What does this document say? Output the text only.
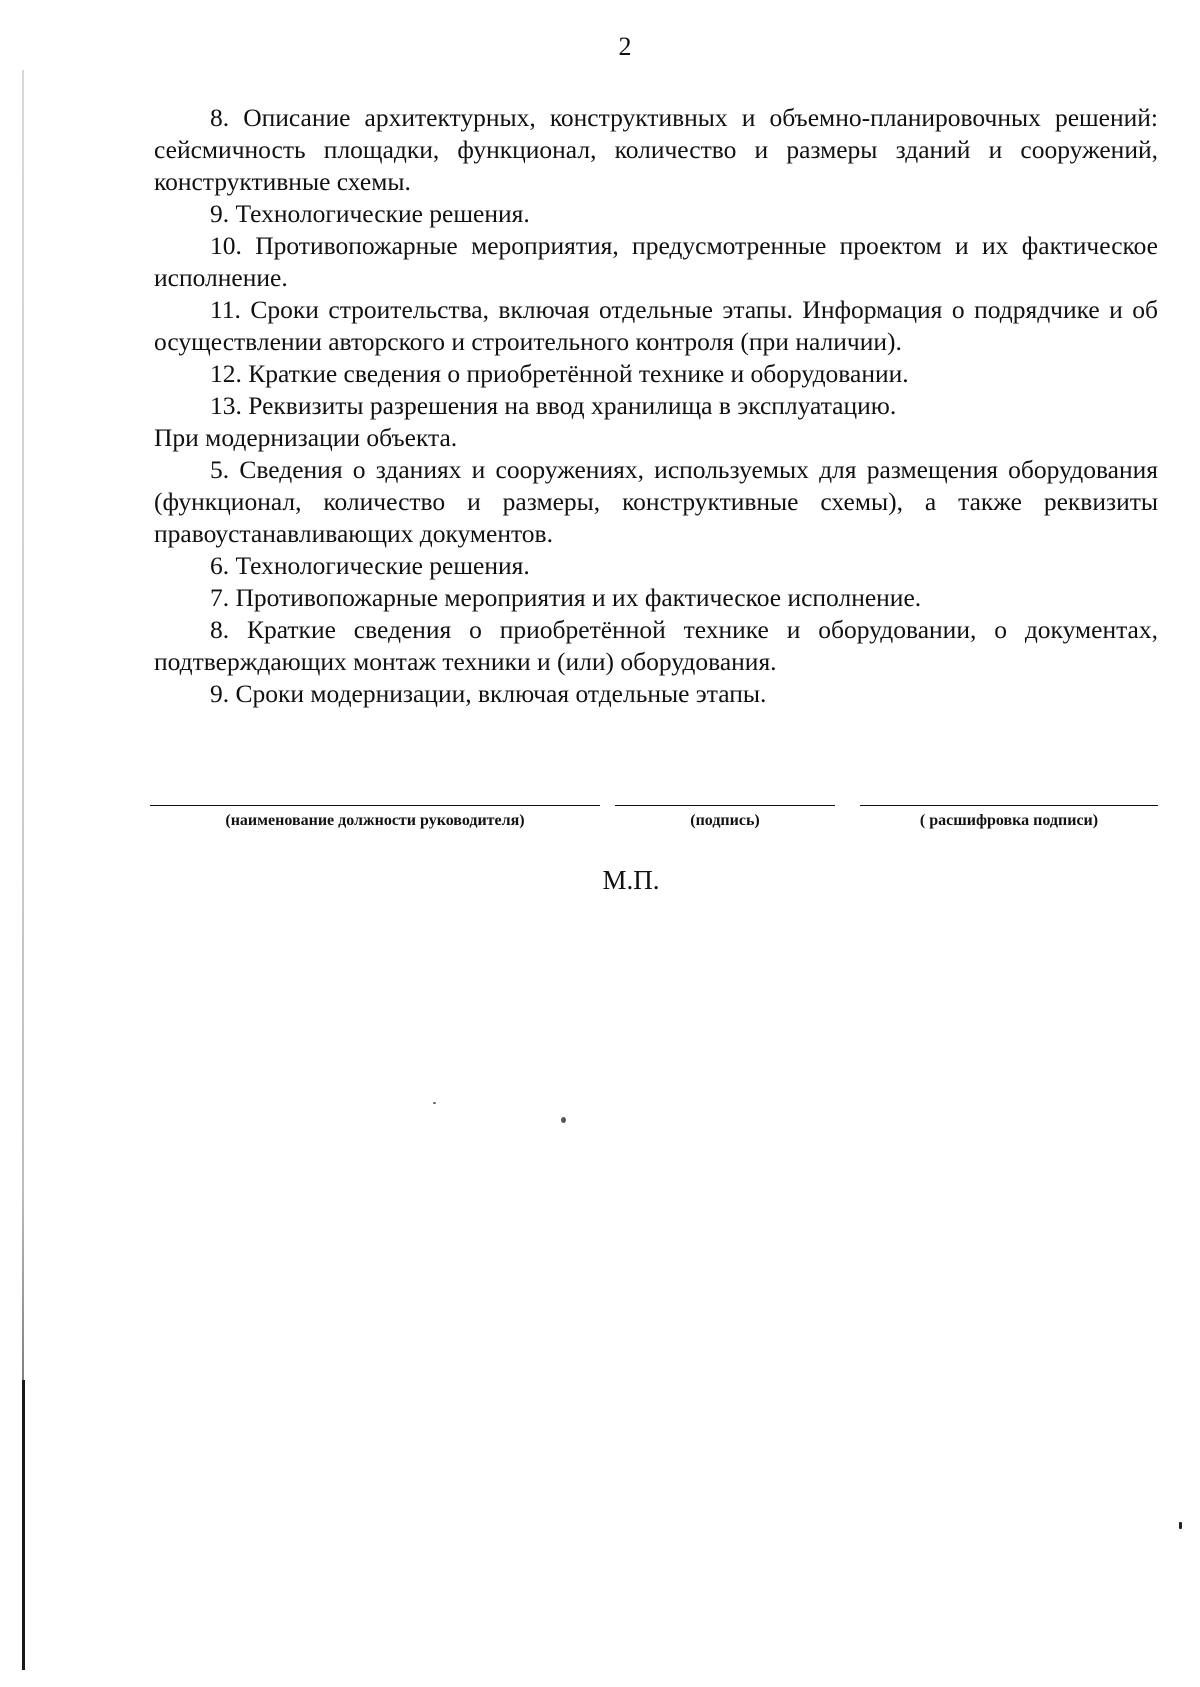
2

8. Описание архитектурных, конструктивных и объемно-планировочных решений: сейсмичность площадки, функционал, количество и размеры зданий и сооружений, конструктивные схемы.

9. Технологические решения.

10. Противопожарные мероприятия, предусмотренные проектом и их фактическое исполнение.

11. Сроки строительства, включая отдельные этапы. Информация о подрядчике и об осуществлении авторского и строительного контроля (при наличии).

12. Краткие сведения о приобретённой технике и оборудовании.

13. Реквизиты разрешения на ввод хранилища в эксплуатацию.

При модернизации объекта.

5. Сведения о зданиях и сооружениях, используемых для размещения оборудования (функционал, количество и размеры, конструктивные схемы), а также реквизиты правоустанавливающих документов.

6. Технологические решения.

7. Противопожарные мероприятия и их фактическое исполнение.

8. Краткие сведения о приобретённой технике и оборудовании, о документах, подтверждающих монтаж техники и (или) оборудования.

9. Сроки модернизации, включая отдельные этапы.

(наименование должности руководителя)	(подпись)	( расшифровка подписи)
М.П.
